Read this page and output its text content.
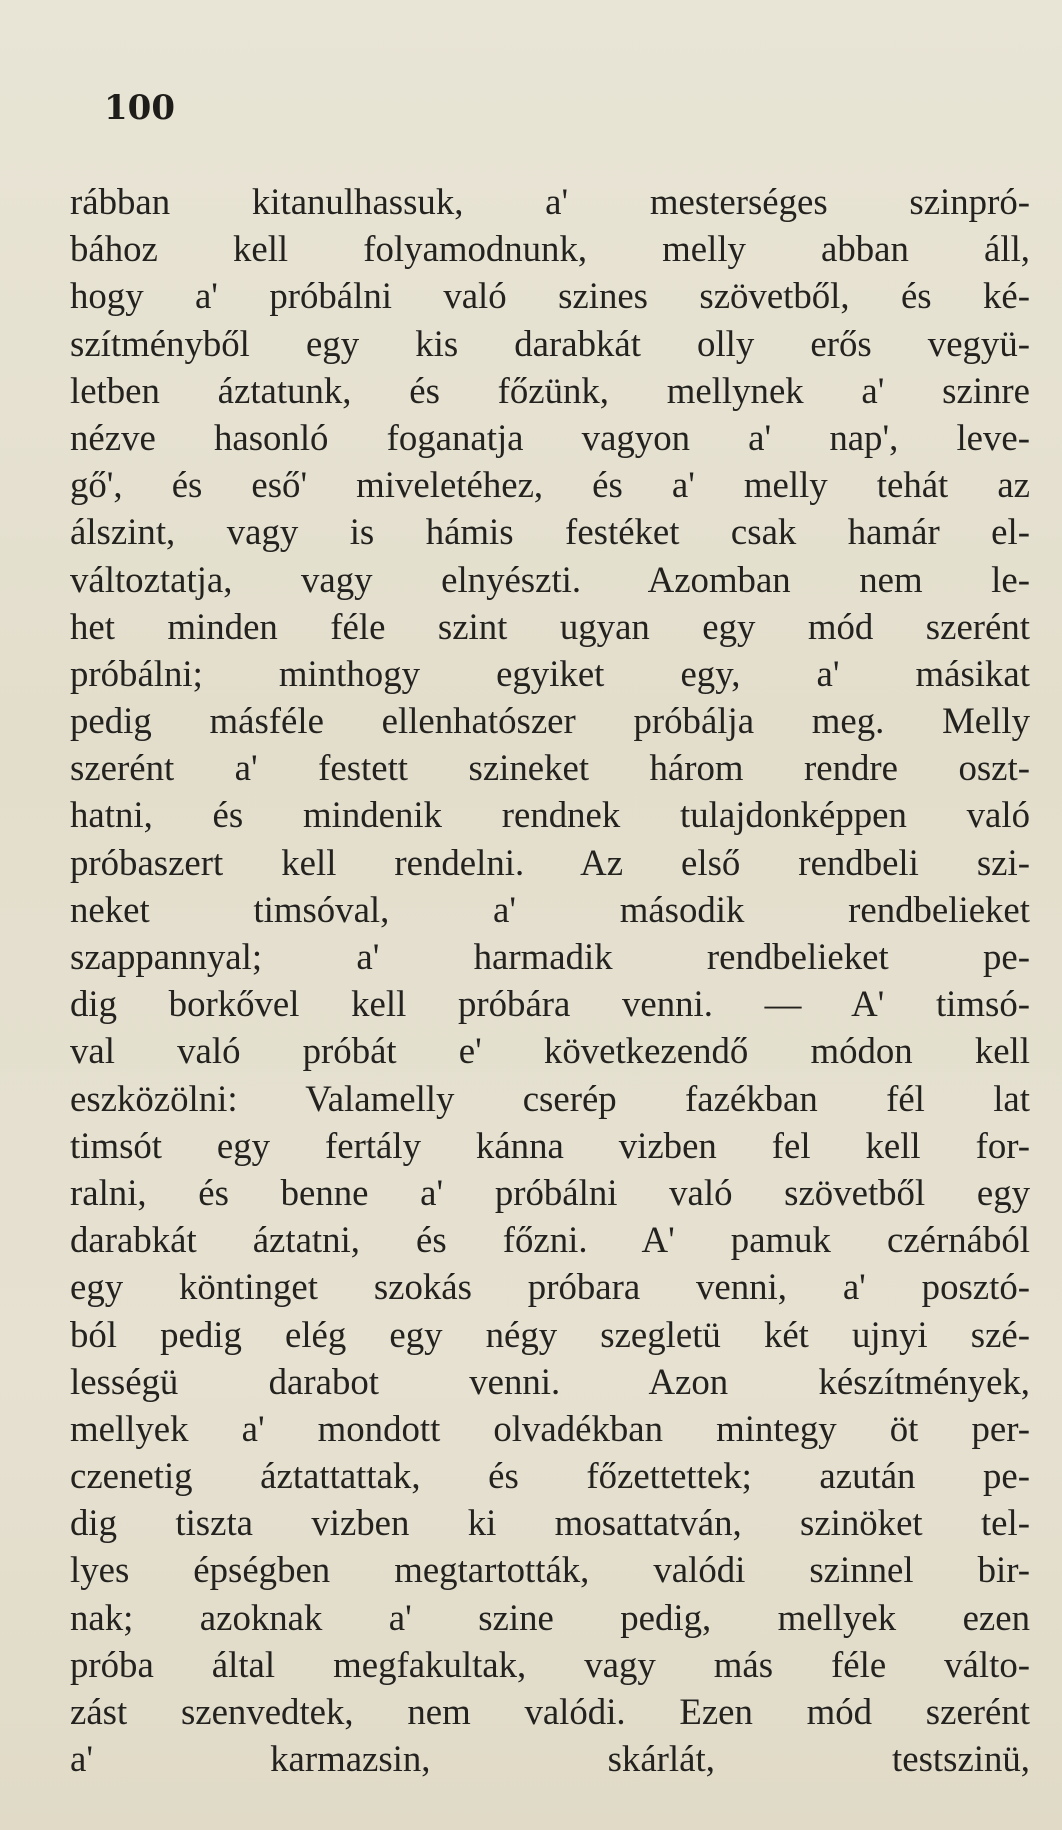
100
rábban kitanulhassuk, a' mesterséges szinpró-
bához kell folyamodnunk, melly abban áll,
hogy a' próbálni való szines szövetből, és ké-
szítményből egy kis darabkát olly erős vegyü-
letben áztatunk, és főzünk, mellynek a' szinre
nézve hasonló foganatja vagyon a' nap', leve-
gő', és eső' miveletéhez, és a' melly tehát az
álszint, vagy is hámis festéket csak hamár el-
változtatja, vagy elnyészti. Azomban nem le-
het minden féle szint ugyan egy mód szerént
próbálni; minthogy egyiket egy, a' másikat
pedig másféle ellenhatószer próbálja meg. Melly
szerént a' festett szineket három rendre oszt-
hatni, és mindenik rendnek tulajdonképpen való
próbaszert kell rendelni. Az első rendbeli szi-
neket timsóval, a' második rendbelieket
szappannyal; a' harmadik rendbelieket pe-
dig borkővel kell próbára venni. — A' timsó-
val való próbát e' következendő módon kell
eszközölni: Valamelly cserép fazékban fél lat
timsót egy fertály kánna vizben fel kell for-
ralni, és benne a' próbálni való szövetből egy
darabkát áztatni, és főzni. A' pamuk czérnából
egy köntinget szokás próbara venni, a' posztó-
ból pedig elég egy négy szegletü két ujnyi szé-
lességü darabot venni. Azon készítmények,
mellyek a' mondott olvadékban mintegy öt per-
czenetig áztattattak, és főzettettek; azután pe-
dig tiszta vizben ki mosattatván, szinöket tel-
lyes épségben megtartották, valódi szinnel bir-
nak; azoknak a' szine pedig, mellyek ezen
próba által megfakultak, vagy más féle válto-
zást szenvedtek, nem valódi. Ezen mód szerént
a' karmazsin, skárlát, testszinü,
